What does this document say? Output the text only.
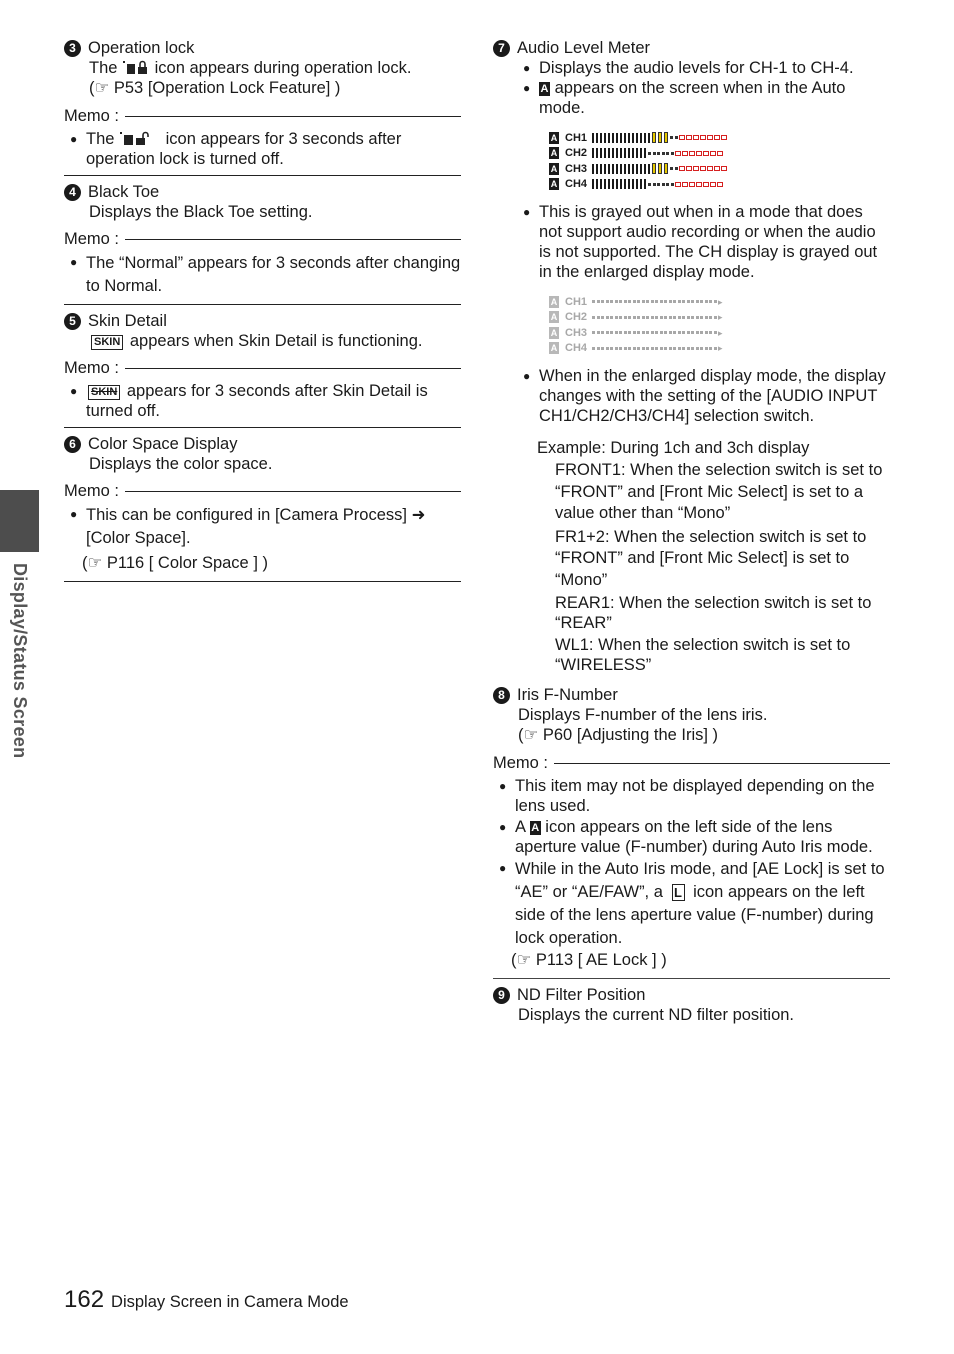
Display/Status Screen
3 Operation lock
The icon appears during operation lock.
(☞ P53 [Operation Lock Feature] )
Memo :
● The	icon appears for 3 seconds after operation lock is turned off.
4 Black Toe
Displays the Black Toe setting.
Memo :
● The “Normal” appears for 3 seconds after changing to Normal.
5 Skin Detail
SKIN appears when Skin Detail is functioning.
Memo :
●	SKIN appears for 3 seconds after Skin Detail is turned off.
6 Color Space Display
Displays the color space.
Memo :
● This can be configured in [Camera Process] ➜ [Color Space].
(☞ P116 [ Color Space ] )
7 Audio Level Meter
● Displays the audio levels for CH-1 to CH-4.
● A appears on the screen when in the Auto mode.
A CH1
A CH2
A CH3
A CH4
● This is grayed out when in a mode that does not support audio recording or when the audio is not supported. The CH display is grayed out in the enlarged display mode.
A CH1	▸
A CH2	▸
A CH3	▸
A CH4	▸
● When in the enlarged display mode, the display changes with the setting of the [AUDIO INPUT CH1/CH2/CH3/CH4] selection switch.
Example: During 1ch and 3ch display
FRONT1: When the selection switch is set to “FRONT” and [Front Mic Select] is set to a value other than “Mono”
FR1+2: When the selection switch is set to “FRONT” and [Front Mic Select] is set to “Mono”
REAR1: When the selection switch is set to “REAR”
WL1: When the selection switch is set to “WIRELESS”
8 Iris F-Number
Displays F-number of the lens iris.
(☞ P60 [Adjusting the Iris] )
Memo :
● This item may not be displayed depending on the lens used.
● A A icon appears on the left side of the lens aperture value (F-number) during Auto Iris mode.
● While in the Auto Iris mode, and [AE Lock] is set to “AE” or “AE/FAW”, a L icon appears on the left side of the lens aperture value (F-number) during lock operation.
(☞ P113 [ AE Lock ] )
9 ND Filter Position
Displays the current ND filter position.
162 Display Screen in Camera Mode
